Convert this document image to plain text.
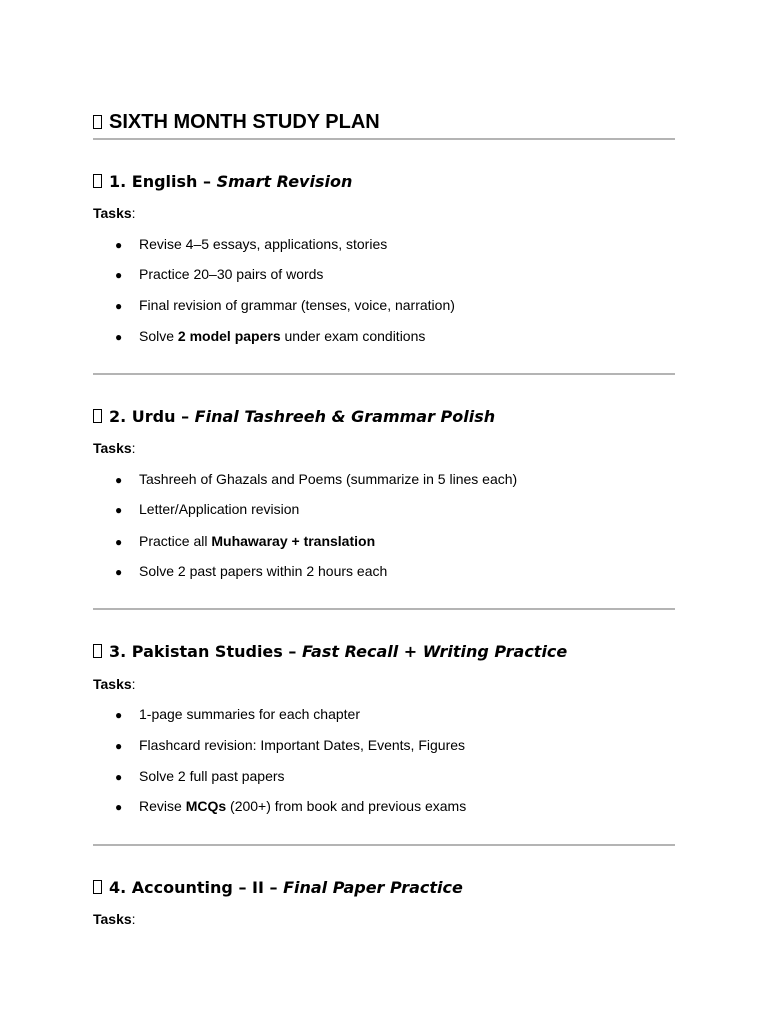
SIXTH MONTH STUDY PLAN
1. English – Smart Revision
Tasks:
● Revise 4–5 essays, applications, stories
● Practice 20–30 pairs of words
● Final revision of grammar (tenses, voice, narration)
● Solve 2 model papers under exam conditions
2. Urdu – Final Tashreeh & Grammar Polish
Tasks:
● Tashreeh of Ghazals and Poems (summarize in 5 lines each)
● Letter/Application revision
● Practice all Muhawaray + translation
● Solve 2 past papers within 2 hours each
3. Pakistan Studies – Fast Recall + Writing Practice
Tasks:
● 1-page summaries for each chapter
● Flashcard revision: Important Dates, Events, Figures
● Solve 2 full past papers
● Revise MCQs (200+) from book and previous exams
4. Accounting – II – Final Paper Practice
Tasks:
